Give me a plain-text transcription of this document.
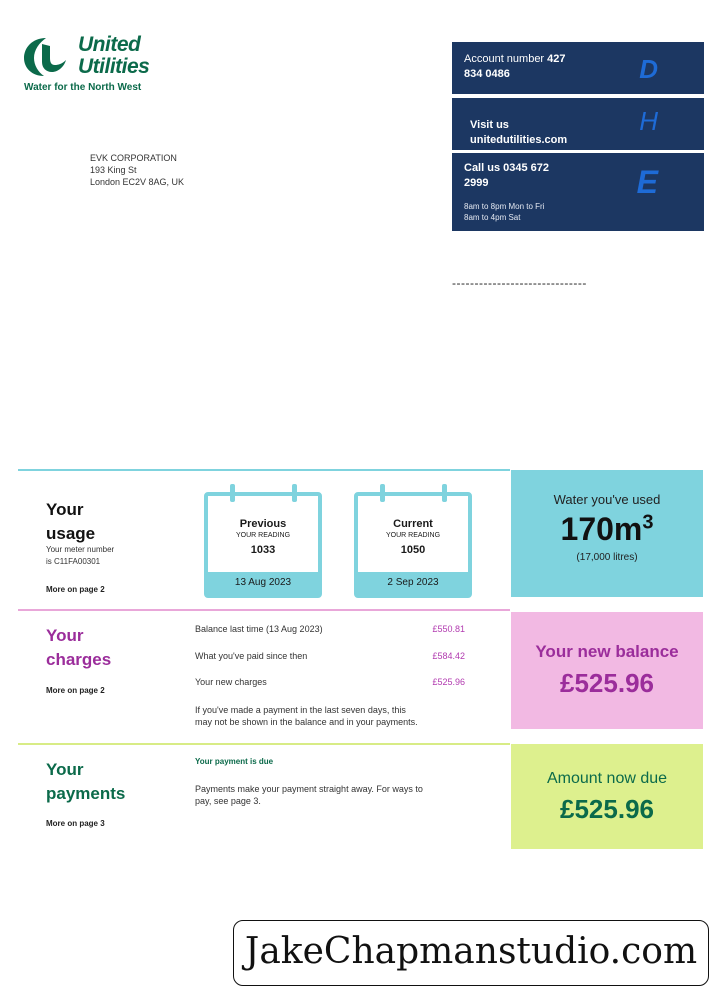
United
Utilities
Water for the North West
EVK CORPORATION
193 King St
London EC2V 8AG, UK
Account number 427
834 0486	D
Visit us
unitedutilities.com
H
Call us 0345 672
2999
8am to 8pm Mon to Fri
8am to 4pm Sat
E
------------------------------
Your
usage
Your meter number
is C11FA00301
More on page 2
Previous
YOUR READING
1033
13 Aug 2023
Current
YOUR READING
1050
2 Sep 2023
Water you've used
$170m^3$
(17,000 litres)
Your
charges
More on page 2
Balance last time (13 Aug 2023)	£550.81
What you've paid since then	£584.42
Your new charges	£525.96
If you've made a payment in the last seven days, this
may not be shown in the balance and in your payments.
Your new balance
£525.96
Your
payments
More on page 3
Your payment is due
Payments make your payment straight away. For ways to
pay, see page 3.
Amount now due
£525.96
JakeChapmanstudio.com
